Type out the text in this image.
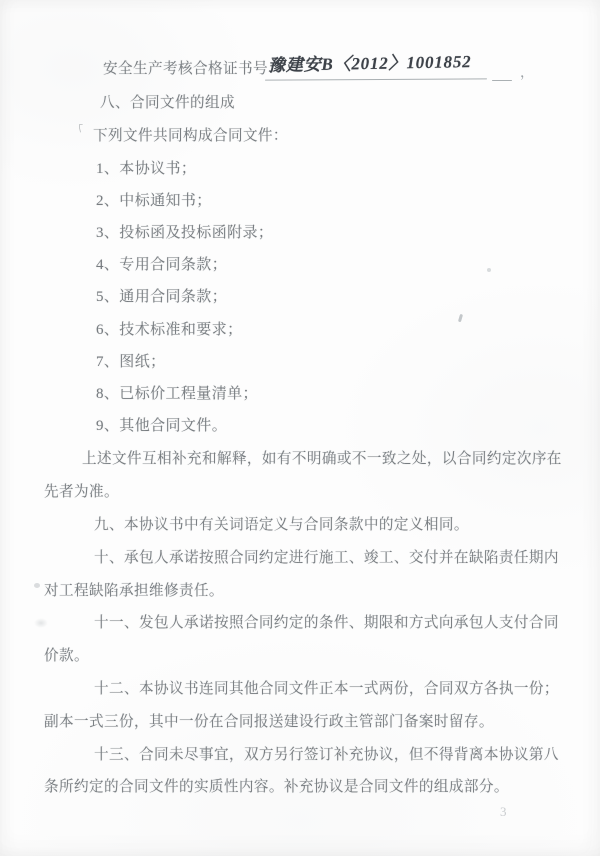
安全生产考核合格证书号：
豫建安B〈2012〉1001852	，
八、合同文件的组成
「 下列文件共同构成合同文件：
1、本协议书；
2、中标通知书；
3、投标函及投标函附录；
4、专用合同条款；
5、通用合同条款；
6、技术标准和要求；
7、图纸；
8、已标价工程量清单；
9、其他合同文件。
上述文件互相补充和解释，如有不明确或不一致之处，以合同约定次序在
先者为准。
九、本协议书中有关词语定义与合同条款中的定义相同。
十、承包人承诺按照合同约定进行施工、竣工、交付并在缺陷责任期内
对工程缺陷承担维修责任。
十一、发包人承诺按照合同约定的条件、期限和方式向承包人支付合同
价款。
十二、本协议书连同其他合同文件正本一式两份，合同双方各执一份；
副本一式三份，其中一份在合同报送建设行政主管部门备案时留存。
十三、合同未尽事宜，双方另行签订补充协议，但不得背离本协议第八
条所约定的合同文件的实质性内容。补充协议是合同文件的组成部分。
3
